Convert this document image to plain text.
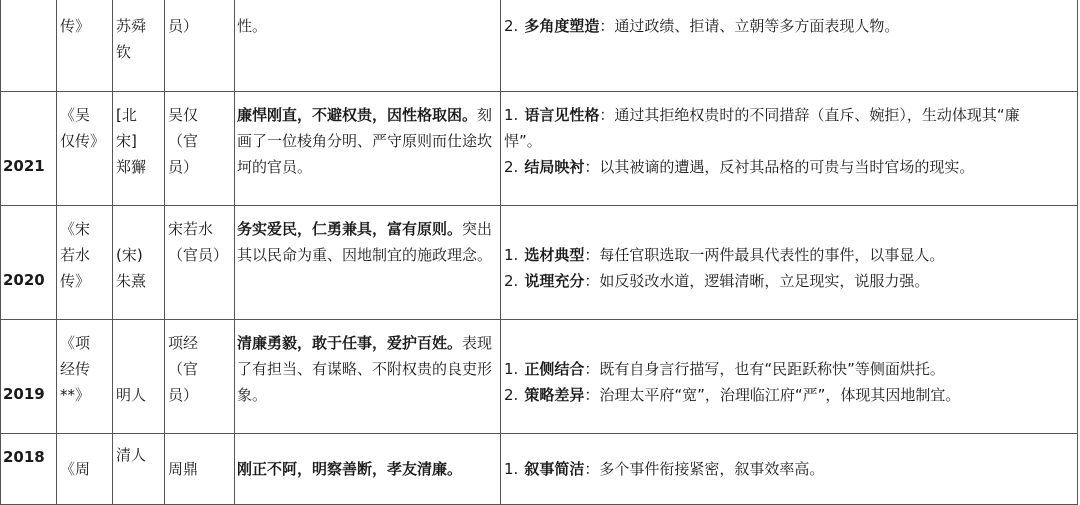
	传》	苏舜钦	员）	性。	2. 多角度塑造：通过政绩、拒请、立朝等多方面表现人物。

2021	《吴仅传》	[北宋] 郑獬	吴仅（官员）	廉悍刚直，不避权贵，因性格取困。刻画了一位棱角分明、严守原则而仕途坎坷的官员。	1. 语言见性格：通过其拒绝权贵时的不同措辞（直斥、婉拒），生动体现其“廉
悍”。
2. 结局映衬：以其被谪的遭遇，反衬其品格的可贵与当时官场的现实。

2020	《宋若水传》	(宋) 朱熹	宋若水（官员）	务实爱民，仁勇兼具，富有原则。突出其以民命为重、因地制宜的施政理念。	1. 选材典型：每任官职选取一两件最具代表性的事件，以事显人。
2. 说理充分：如反驳改水道，逻辑清晰，立足现实，说服力强。

2019	《项经传**》	明人	项经（官员）	清廉勇毅，敢于任事，爱护百姓。表现了有担当、有谋略、不附权贵的良吏形象。	1. 正侧结合：既有自身言行描写，也有“民距跃称快”等侧面烘托。
2. 策略差异：治理太平府“宽”，治理临江府“严”，体现其因地制宜。

2018	《周	清人	周鼎	刚正不阿，明察善断，孝友清廉。	1. 叙事简洁：多个事件衔接紧密，叙事效率高。
